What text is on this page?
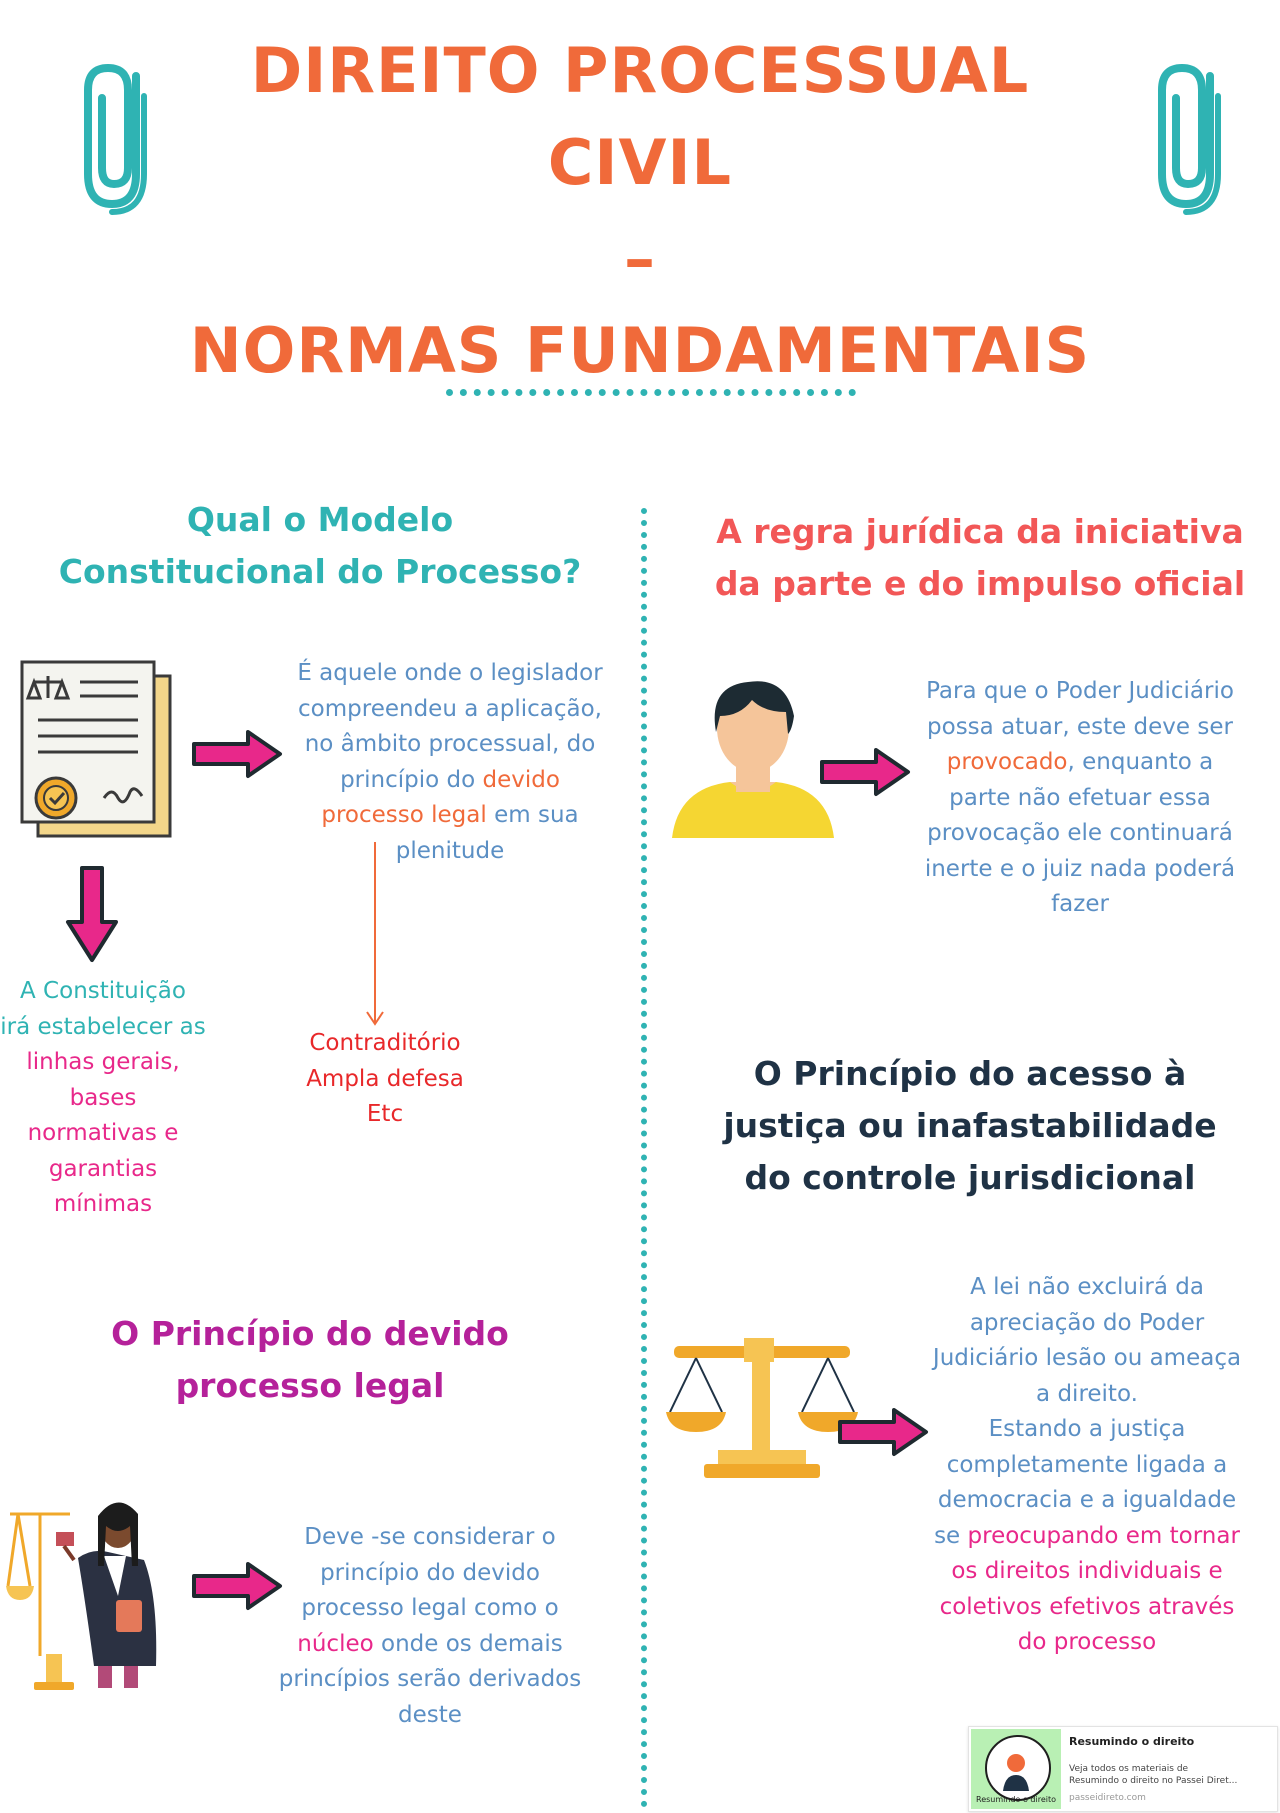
DIREITO PROCESSUAL
CIVIL
–
NORMAS FUNDAMENTAIS
Qual o Modelo
Constitucional do Processo?
É aquele onde o legislador
compreendeu a aplicação,
no âmbito processual, do
princípio do devido
processo legal em sua
plenitude
Contraditório
Ampla defesa
Etc
A Constituição
irá estabelecer as
linhas gerais,
bases
normativas e
garantias
mínimas
A regra jurídica da iniciativa
da parte e do impulso oficial
Para que o Poder Judiciário
possa atuar, este deve ser
provocado, enquanto a
parte não efetuar essa
provocação ele continuará
inerte e o juiz nada poderá
fazer
O Princípio do acesso à
justiça ou inafastabilidade
do controle jurisdicional
A lei não excluirá da
apreciação do Poder
Judiciário lesão ou ameaça
a direito.
Estando a justiça
completamente ligada a
democracia e a igualdade
se preocupando em tornar
os direitos individuais e
coletivos efetivos através
do processo
O Princípio do devido
processo legal
Deve -se considerar o
princípio do devido
processo legal como o
núcleo onde os demais
princípios serão derivados
deste
Resumindo o direito
Resumindo o direito
Veja todos os materiais de
Resumindo o direito no Passei Diret...
passeidireto.com
